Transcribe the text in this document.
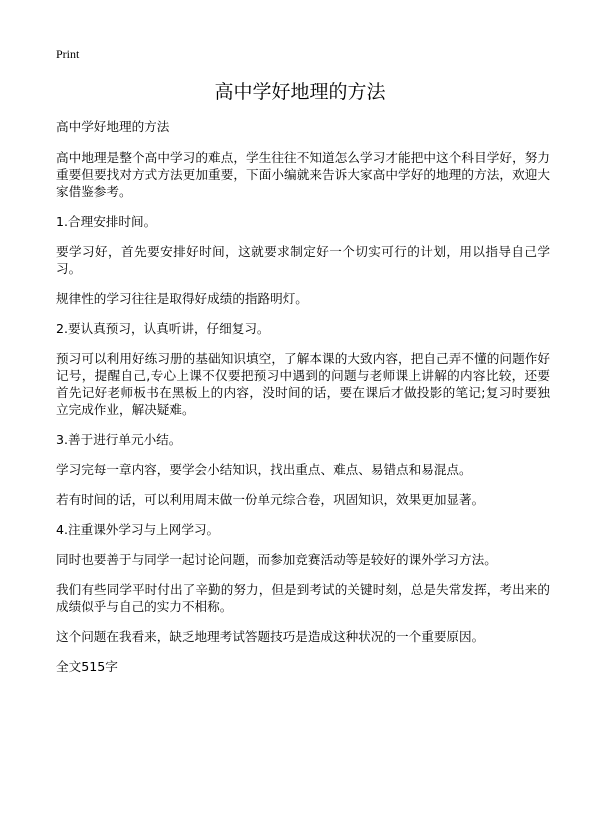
Print
高中学好地理的方法

高中学好地理的方法

高中地理是整个高中学习的难点，学生往往不知道怎么学习才能把中这个科目学好，努力重要但要找对方式方法更加重要，下面小编就来告诉大家高中学好的地理的方法，欢迎大家借鉴参考。

1.合理安排时间。

要学习好，首先要安排好时间，这就要求制定好一个切实可行的计划，用以指导自己学习。

规律性的学习往往是取得好成绩的指路明灯。

2.要认真预习，认真听讲，仔细复习。

预习可以利用好练习册的基础知识填空，了解本课的大致内容，把自己弄不懂的问题作好记号，提醒自己,专心上课不仅要把预习中遇到的问题与老师课上讲解的内容比较，还要首先记好老师板书在黑板上的内容，没时间的话，要在课后才做投影的笔记;复习时要独立完成作业，解决疑难。

3.善于进行单元小结。

学习完每一章内容，要学会小结知识，找出重点、难点、易错点和易混点。

若有时间的话，可以利用周末做一份单元综合卷，巩固知识，效果更加显著。

4.注重课外学习与上网学习。

同时也要善于与同学一起讨论问题，而参加竞赛活动等是较好的课外学习方法。

我们有些同学平时付出了辛勤的努力，但是到考试的关键时刻，总是失常发挥，考出来的成绩似乎与自己的实力不相称。

这个问题在我看来，缺乏地理考试答题技巧是造成这种状况的一个重要原因。

全文515字
